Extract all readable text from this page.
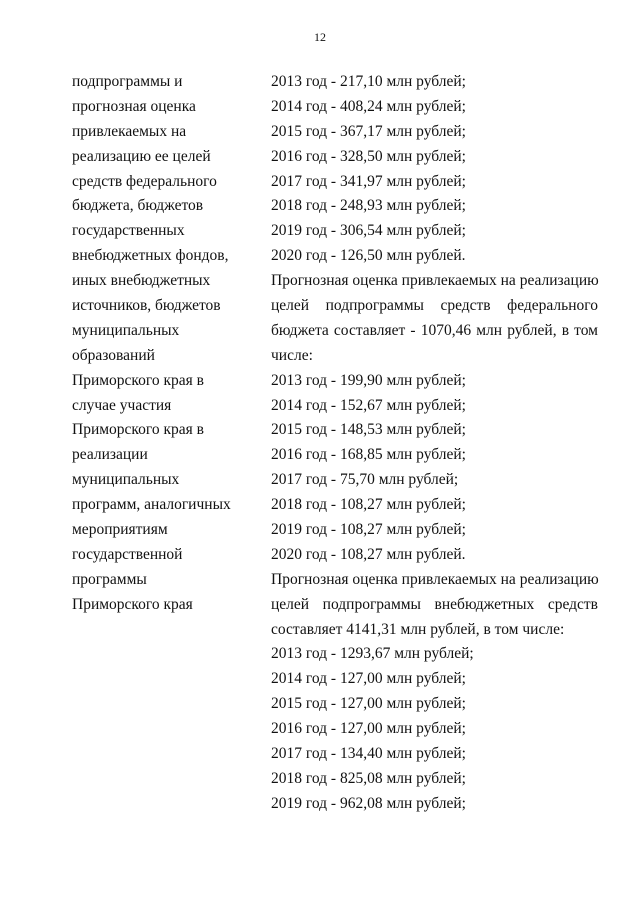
12
подпрограммы и
прогнозная оценка
привлекаемых на
реализацию ее целей
средств федерального
бюджета, бюджетов
государственных
внебюджетных фондов,
иных внебюджетных
источников, бюджетов
муниципальных
образований
Приморского края в
случае участия
Приморского края в
реализации
муниципальных
программ, аналогичных
мероприятиям
государственной
программы
Приморского края
2013 год - 217,10 млн рублей;
2014 год - 408,24 млн рублей;
2015 год - 367,17 млн рублей;
2016 год - 328,50 млн рублей;
2017 год - 341,97 млн рублей;
2018 год - 248,93 млн рублей;
2019 год - 306,54 млн рублей;
2020 год - 126,50 млн рублей.
Прогнозная оценка привлекаемых на реализацию
целей подпрограммы средств федерального
бюджета составляет - 1070,46 млн рублей, в том
числе:
2013 год - 199,90 млн рублей;
2014 год - 152,67 млн рублей;
2015 год - 148,53 млн рублей;
2016 год - 168,85 млн рублей;
2017 год - 75,70 млн рублей;
2018 год - 108,27 млн рублей;
2019 год - 108,27 млн рублей;
2020 год - 108,27 млн рублей.
Прогнозная оценка привлекаемых на реализацию
целей подпрограммы внебюджетных средств
составляет 4141,31 млн рублей, в том числе:
2013 год - 1293,67 млн рублей;
2014 год - 127,00 млн рублей;
2015 год - 127,00 млн рублей;
2016 год - 127,00 млн рублей;
2017 год - 134,40 млн рублей;
2018 год - 825,08 млн рублей;
2019 год - 962,08 млн рублей;
